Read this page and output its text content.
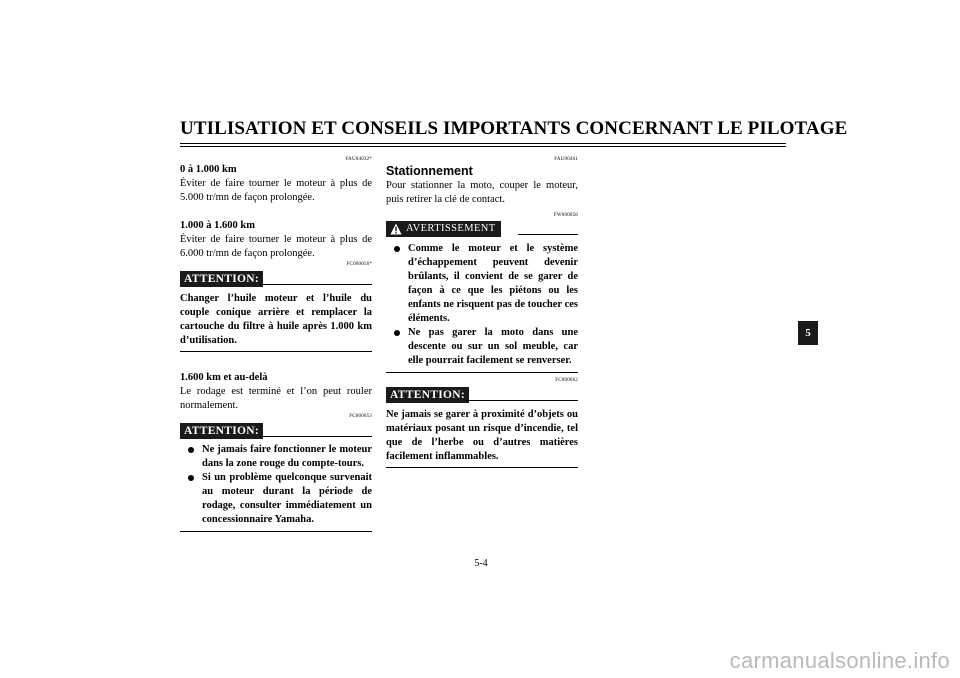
UTILISATION ET CONSEILS IMPORTANTS CONCERNANT LE PILOTAGE
FAU04032*
0 à 1.000 km
Éviter de faire tourner le moteur à plus de 5.000 tr/mn de façon prolongée.
1.000 à 1.600 km
Éviter de faire tourner le moteur à plus de 6.000 tr/mn de façon prolongée.
FC000056*
ATTENTION:
Changer l’huile moteur et l’huile du couple conique arrière et remplacer la cartouche du filtre à huile après 1.000 km d’utilisation.
1.600 km et au-delà
Le rodage est terminé et l’on peut rouler normalement.
FC000053
ATTENTION:
Ne jamais faire fonctionner le moteur dans la zone rouge du compte-tours.
Si un problème quelconque survenait au moteur durant la période de rodage, consulter immédiatement un concessionnaire Yamaha.
FAU00461
Stationnement
Pour stationner la moto, couper le moteur, puis retirer la clé de contact.
FW000058
AVERTISSEMENT
Comme le moteur et le système d’échappement peuvent devenir brûlants, il convient de se garer de façon à ce que les piétons ou les enfants ne risquent pas de toucher ces éléments.
Ne pas garer la moto dans une descente ou sur un sol meuble, car elle pourrait facilement se renverser.
FC000062
ATTENTION:
Ne jamais se garer à proximité d’objets ou matériaux posant un risque d’incendie, tel que de l’herbe ou d’autres matières facilement inflammables.
5
5-4
carmanualsonline.info
